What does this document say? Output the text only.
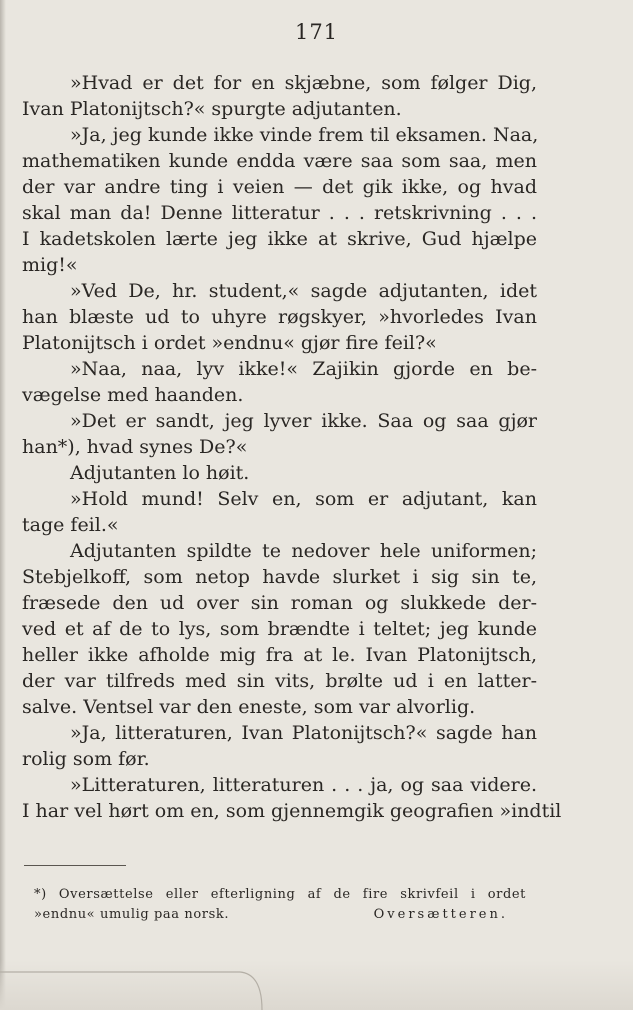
171
»Hvad er det for en skjæbne, som følger Dig,
Ivan Platonijtsch?« spurgte adjutanten.
»Ja, jeg kunde ikke vinde frem til eksamen. Naa,
mathematiken kunde endda være saa som saa, men
der var andre ting i veien — det gik ikke, og hvad
skal man da! Denne litteratur . . . retskrivning . . .
I kadetskolen lærte jeg ikke at skrive, Gud hjælpe
mig!«
»Ved De, hr. student,« sagde adjutanten, idet
han blæste ud to uhyre røgskyer, »hvorledes Ivan
Platonijtsch i ordet »endnu« gjør fire feil?«
»Naa, naa, lyv ikke!« Zajikin gjorde en be-
vægelse med haanden.
»Det er sandt, jeg lyver ikke. Saa og saa gjør
han*), hvad synes De?«
Adjutanten lo høit.
»Hold mund! Selv en, som er adjutant, kan
tage feil.«
Adjutanten spildte te nedover hele uniformen;
Stebjelkoff, som netop havde slurket i sig sin te,
fræsede den ud over sin roman og slukkede der-
ved et af de to lys, som brændte i teltet; jeg kunde
heller ikke afholde mig fra at le. Ivan Platonijtsch,
der var tilfreds med sin vits, brølte ud i en latter-
salve. Ventsel var den eneste, som var alvorlig.
»Ja, litteraturen, Ivan Platonijtsch?« sagde han
rolig som før.
»Litteraturen, litteraturen . . . ja, og saa videre.
I har vel hørt om en, som gjennemgik geografien »indtil
*) Oversættelse eller efterligning af de fire skrivfeil i ordet
»endnu« umulig paa norsk.	Oversætteren.
